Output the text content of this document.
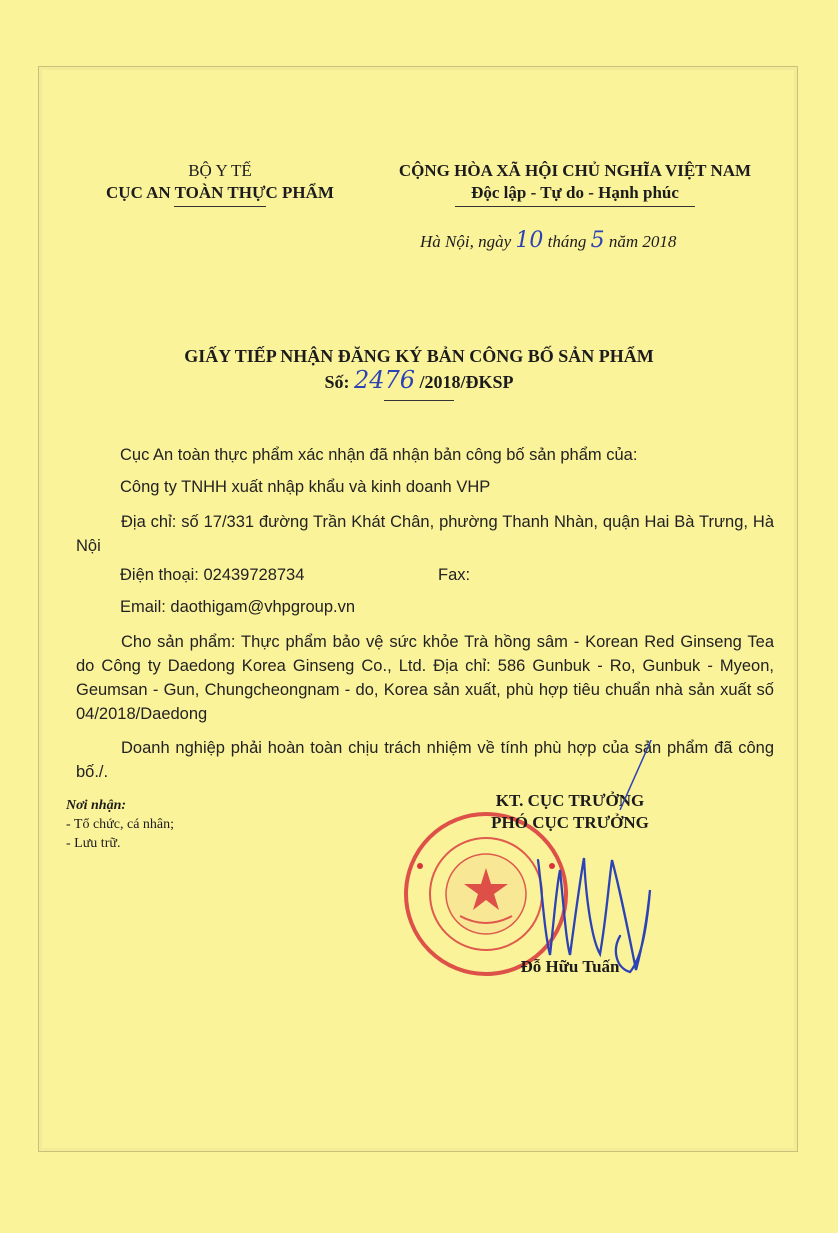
BỘ Y TẾ
CỤC AN TOÀN THỰC PHẨM
CỘNG HÒA XÃ HỘI CHỦ NGHĨA VIỆT NAM
Độc lập - Tự do - Hạnh phúc
Hà Nội, ngày 10 tháng 5 năm 2018
GIẤY TIẾP NHẬN ĐĂNG KÝ BẢN CÔNG BỐ SẢN PHẨM
Số: 2476 /2018/ĐKSP
Cục An toàn thực phẩm xác nhận đã nhận bản công bố sản phẩm của:
Công ty TNHH xuất nhập khẩu và kinh doanh VHP
Địa chỉ: số 17/331 đường Trần Khát Chân, phường Thanh Nhàn, quận Hai Bà Trưng, Hà Nội
Điện thoại: 02439728734	Fax:
Email: daothigam@vhpgroup.vn
Cho sản phẩm: Thực phẩm bảo vệ sức khỏe Trà hồng sâm - Korean Red Ginseng Tea do Công ty Daedong Korea Ginseng Co., Ltd. Địa chỉ: 586 Gunbuk - Ro, Gunbuk - Myeon, Geumsan - Gun, Chungcheongnam - do, Korea sản xuất, phù hợp tiêu chuẩn nhà sản xuất số 04/2018/Daedong
Doanh nghiệp phải hoàn toàn chịu trách nhiệm về tính phù hợp của sản phẩm đã công bố./.
Nơi nhận:
- Tổ chức, cá nhân;
- Lưu trữ.
KT. CỤC TRƯỞNG
PHÓ CỤC TRƯỞNG
Đỗ Hữu Tuấn
